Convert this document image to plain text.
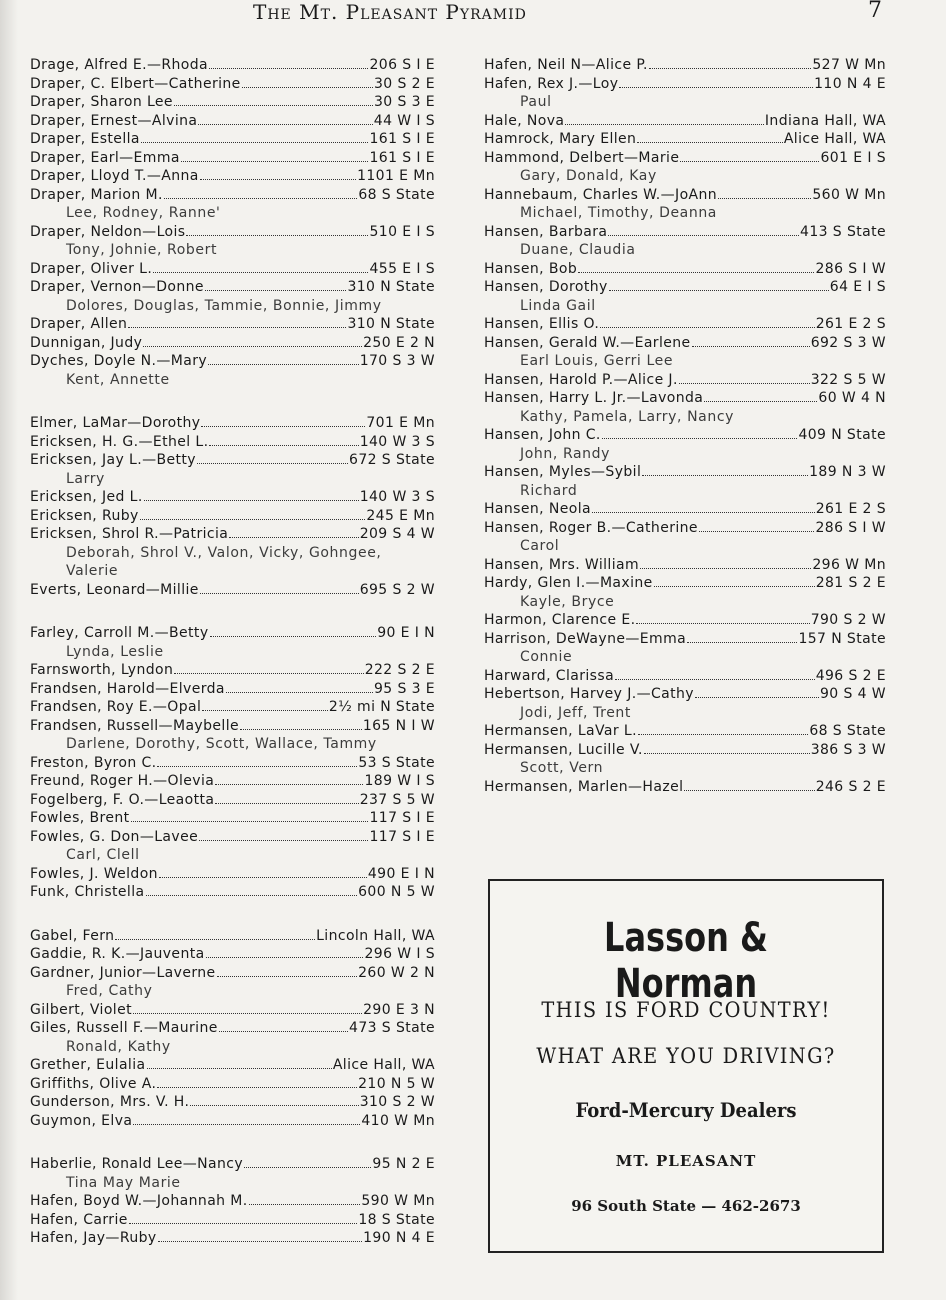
The Mt. Pleasant Pyramid	7
Drage, Alfred E.—Rhoda	206 S I E
Draper, C. Elbert—Catherine	30 S 2 E
Draper, Sharon Lee	30 S 3 E
Draper, Ernest—Alvina	44 W I S
Draper, Estella	161 S I E
Draper, Earl—Emma	161 S I E
Draper, Lloyd T.—Anna	1101 E Mn
Draper, Marion M.	68 S State
Lee, Rodney, Ranne'
Draper, Neldon—Lois	510 E I S
Tony, Johnie, Robert
Draper, Oliver L.	455 E I S
Draper, Vernon—Donne	310 N State
Dolores, Douglas, Tammie, Bonnie, Jimmy
Draper, Allen	310 N State
Dunnigan, Judy	250 E 2 N
Dyches, Doyle N.—Mary	170 S 3 W
Kent, Annette
Elmer, LaMar—Dorothy	701 E Mn
Ericksen, H. G.—Ethel L.	140 W 3 S
Ericksen, Jay L.—Betty	672 S State
Larry
Ericksen, Jed L.	140 W 3 S
Ericksen, Ruby	245 E Mn
Ericksen, Shrol R.—Patricia	209 S 4 W
Deborah, Shrol V., Valon, Vicky, Gohngee,
Valerie
Everts, Leonard—Millie	695 S 2 W
Farley, Carroll M.—Betty	90 E I N
Lynda, Leslie
Farnsworth, Lyndon	222 S 2 E
Frandsen, Harold—Elverda	95 S 3 E
Frandsen, Roy E.—Opal	2½ mi N State
Frandsen, Russell—Maybelle	165 N I W
Darlene, Dorothy, Scott, Wallace, Tammy
Freston, Byron C.	53 S State
Freund, Roger H.—Olevia	189 W I S
Fogelberg, F. O.—Leaotta	237 S 5 W
Fowles, Brent	117 S I E
Fowles, G. Don—Lavee	117 S I E
Carl, Clell
Fowles, J. Weldon	490 E I N
Funk, Christella	600 N 5 W
Gabel, Fern	Lincoln Hall, WA
Gaddie, R. K.—Jauventa	296 W I S
Gardner, Junior—Laverne	260 W 2 N
Fred, Cathy
Gilbert, Violet	290 E 3 N
Giles, Russell F.—Maurine	473 S State
Ronald, Kathy
Grether, Eulalia	Alice Hall, WA
Griffiths, Olive A.	210 N 5 W
Gunderson, Mrs. V. H.	310 S 2 W
Guymon, Elva	410 W Mn
Haberlie, Ronald Lee—Nancy	95 N 2 E
Tina May Marie
Hafen, Boyd W.—Johannah M.	590 W Mn
Hafen, Carrie	18 S State
Hafen, Jay—Ruby	190 N 4 E
Hafen, Neil N—Alice P.	527 W Mn
Hafen, Rex J.—Loy	110 N 4 E
Paul
Hale, Nova	Indiana Hall, WA
Hamrock, Mary Ellen	Alice Hall, WA
Hammond, Delbert—Marie	601 E I S
Gary, Donald, Kay
Hannebaum, Charles W.—JoAnn	560 W Mn
Michael, Timothy, Deanna
Hansen, Barbara	413 S State
Duane, Claudia
Hansen, Bob	286 S I W
Hansen, Dorothy	64 E I S
Linda Gail
Hansen, Ellis O.	261 E 2 S
Hansen, Gerald W.—Earlene	692 S 3 W
Earl Louis, Gerri Lee
Hansen, Harold P.—Alice J.	322 S 5 W
Hansen, Harry L. Jr.—Lavonda	60 W 4 N
Kathy, Pamela, Larry, Nancy
Hansen, John C.	409 N State
John, Randy
Hansen, Myles—Sybil	189 N 3 W
Richard
Hansen, Neola	261 E 2 S
Hansen, Roger B.—Catherine	286 S I W
Carol
Hansen, Mrs. William	296 W Mn
Hardy, Glen I.—Maxine	281 S 2 E
Kayle, Bryce
Harmon, Clarence E.	790 S 2 W
Harrison, DeWayne—Emma	157 N State
Connie
Harward, Clarissa	496 S 2 E
Hebertson, Harvey J.—Cathy	90 S 4 W
Jodi, Jeff, Trent
Hermansen, LaVar L.	68 S State
Hermansen, Lucille V.	386 S 3 W
Scott, Vern
Hermansen, Marlen—Hazel	246 S 2 E
Lasson & Norman
THIS IS FORD COUNTRY!
WHAT ARE YOU DRIVING?
Ford-Mercury Dealers
MT. PLEASANT
96 South State — 462-2673
